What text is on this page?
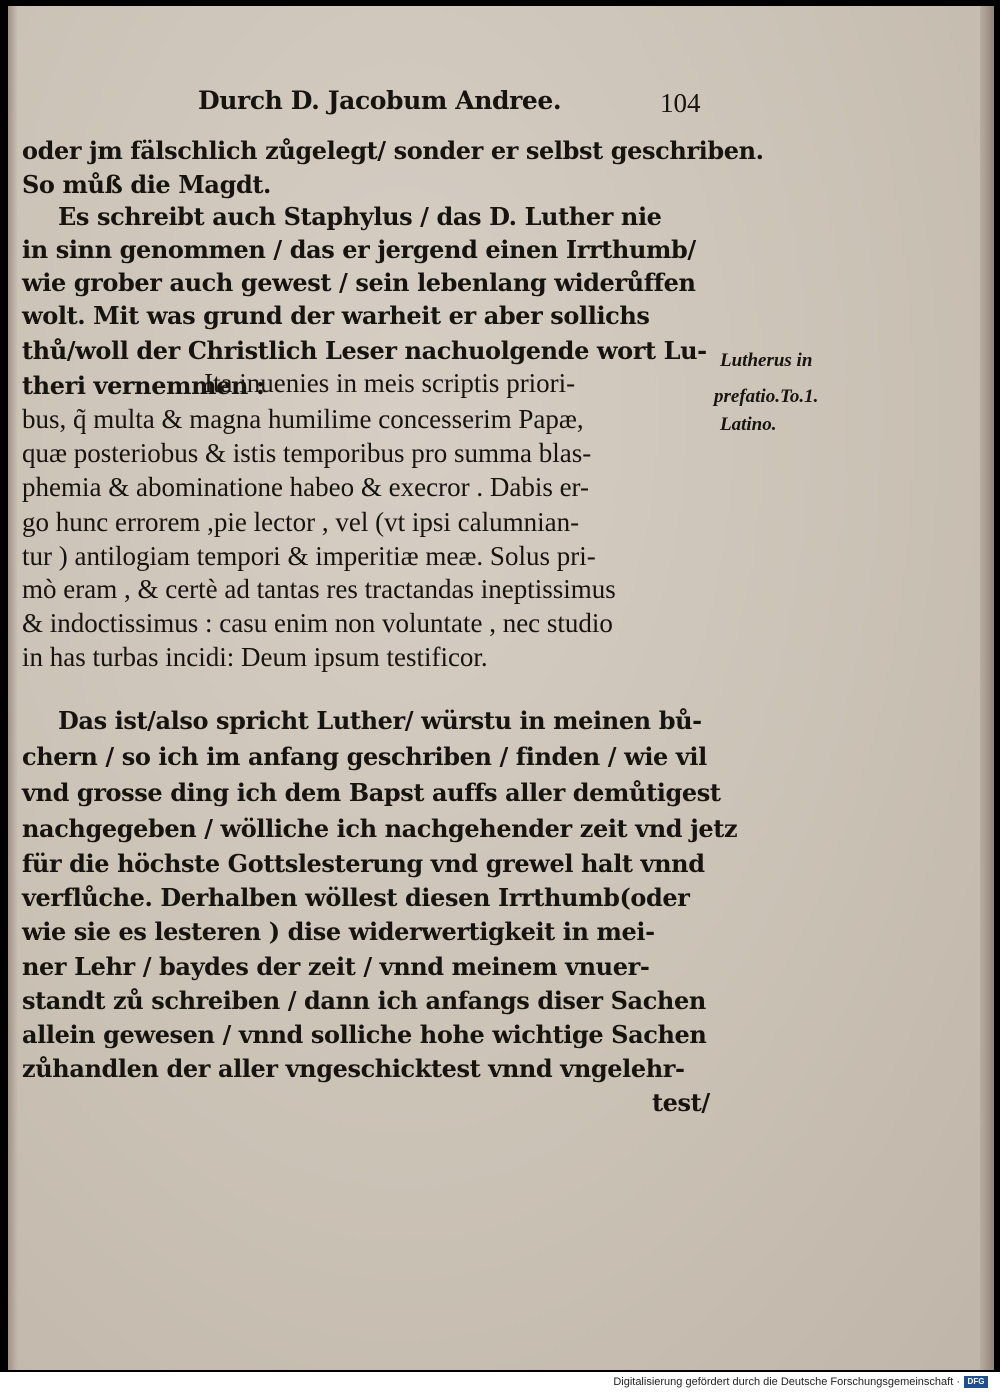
Durch D. Jacobum Andree.	104
oder jm fälschlich zůgelegt/ sonder er selbst geschriben.
So můß die Magdt.
Es schreibt auch Staphylus / das D. Luther nie
in sinn genommen / das er jergend einen Irrthumb/
wie grober auch gewest / sein lebenlang widerůffen
wolt. Mit was grund der warheit er aber sollichs
thů/woll der Christlich Leser nachuolgende wort Lu-
theri vernemmen :
Ita inuenies in meis scriptis priori-
bus, q̃ multa & magna humilime concesserim Papæ,
quæ posteriobus & istis temporibus pro summa blas-
phemia & abominatione habeo & execror . Dabis er-
go hunc errorem ,pie lector , vel (vt ipsi calumnian-
tur ) antilogiam tempori & imperitiæ meæ. Solus pri-
mò eram , & certè ad tantas res tractandas ineptissimus
& indoctissimus : casu enim non voluntate , nec studio
in has turbas incidi: Deum ipsum testificor.
Das ist/also spricht Luther/ würstu in meinen bů-
chern / so ich im anfang geschriben / finden / wie vil
vnd grosse ding ich dem Bapst auffs aller demůtigest
nachgegeben / wölliche ich nachgehender zeit vnd jetz
für die höchste Gottslesterung vnd grewel halt vnnd
verflůche. Derhalben wöllest diesen Irrthumb(oder
wie sie es lesteren ) dise widerwertigkeit in mei-
ner Lehr / baydes der zeit / vnnd meinem vnuer-
standt zů schreiben / dann ich anfangs diser Sachen
allein gewesen / vnnd solliche hohe wichtige Sachen
zůhandlen der aller vngeschicktest vnnd vngelehr-
test/
Lutherus in
prefatio.To.1.
Latino.
Digitalisierung gefördert durch die Deutsche Forschungsgemeinschaft · DFG
